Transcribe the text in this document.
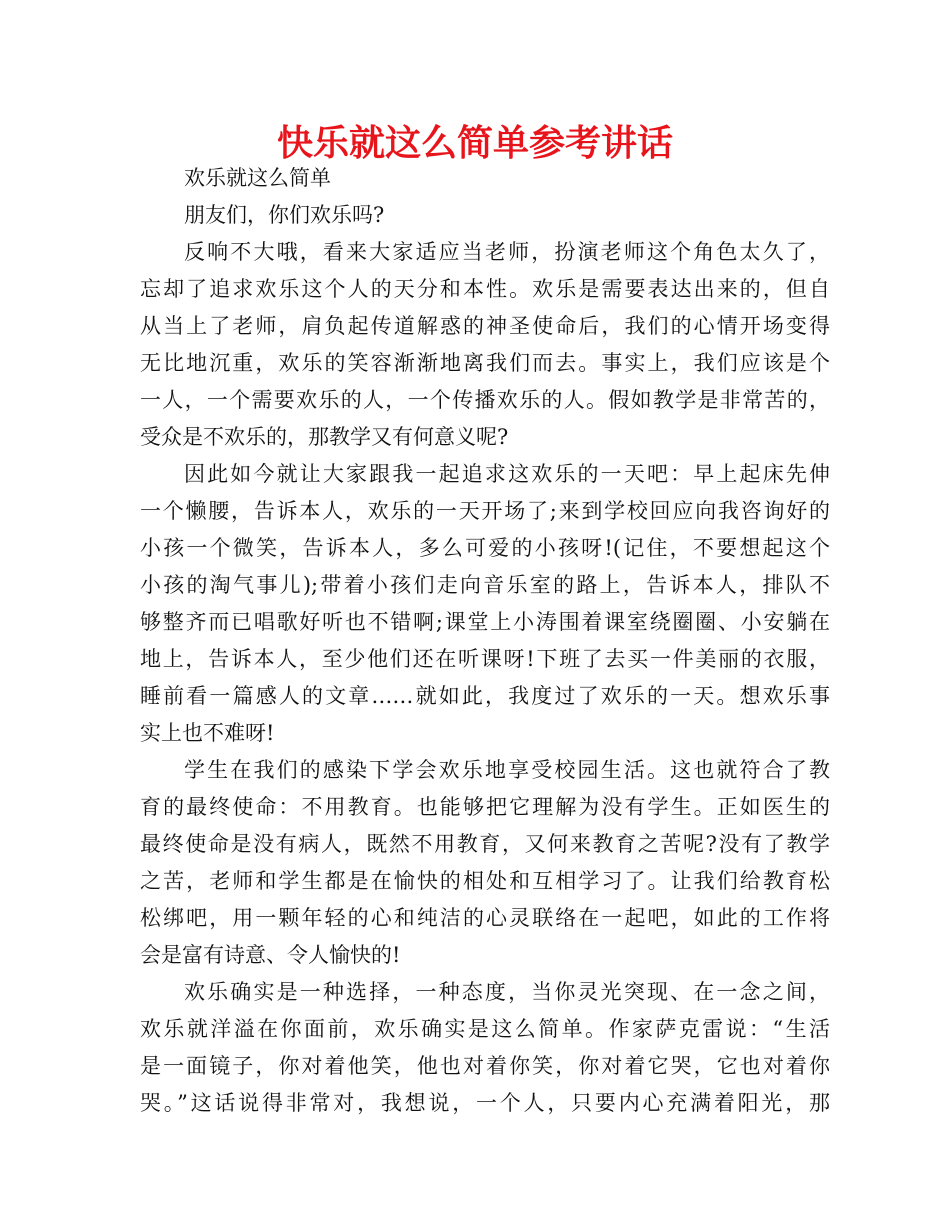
快乐就这么简单参考讲话
欢乐就这么简单
朋友们，你们欢乐吗?
反响不大哦，看来大家适应当老师，扮演老师这个角色太久了，
忘却了追求欢乐这个人的天分和本性。欢乐是需要表达出来的，但自
从当上了老师，肩负起传道解惑的神圣使命后，我们的心情开场变得
无比地沉重，欢乐的笑容渐渐地离我们而去。事实上，我们应该是个
一人，一个需要欢乐的人，一个传播欢乐的人。假如教学是非常苦的，
受众是不欢乐的，那教学又有何意义呢?
因此如今就让大家跟我一起追求这欢乐的一天吧：早上起床先伸
一个懒腰，告诉本人，欢乐的一天开场了;来到学校回应向我咨询好的
小孩一个微笑，告诉本人，多么可爱的小孩呀!(记住，不要想起这个
小孩的淘气事儿);带着小孩们走向音乐室的路上，告诉本人，排队不
够整齐而已唱歌好听也不错啊;课堂上小涛围着课室绕圈圈、小安躺在
地上，告诉本人，至少他们还在听课呀!下班了去买一件美丽的衣服，
睡前看一篇感人的文章……就如此，我度过了欢乐的一天。想欢乐事
实上也不难呀!
学生在我们的感染下学会欢乐地享受校园生活。这也就符合了教
育的最终使命：不用教育。也能够把它理解为没有学生。正如医生的
最终使命是没有病人，既然不用教育，又何来教育之苦呢?没有了教学
之苦，老师和学生都是在愉快的相处和互相学习了。让我们给教育松
松绑吧，用一颗年轻的心和纯洁的心灵联络在一起吧，如此的工作将
会是富有诗意、令人愉快的!
欢乐确实是一种选择，一种态度，当你灵光突现、在一念之间，
欢乐就洋溢在你面前，欢乐确实是这么简单。作家萨克雷说：“生活
是一面镜子，你对着他笑，他也对着你笑，你对着它哭，它也对着你
哭。”这话说得非常对，我想说，一个人，只要内心充满着阳光，那
